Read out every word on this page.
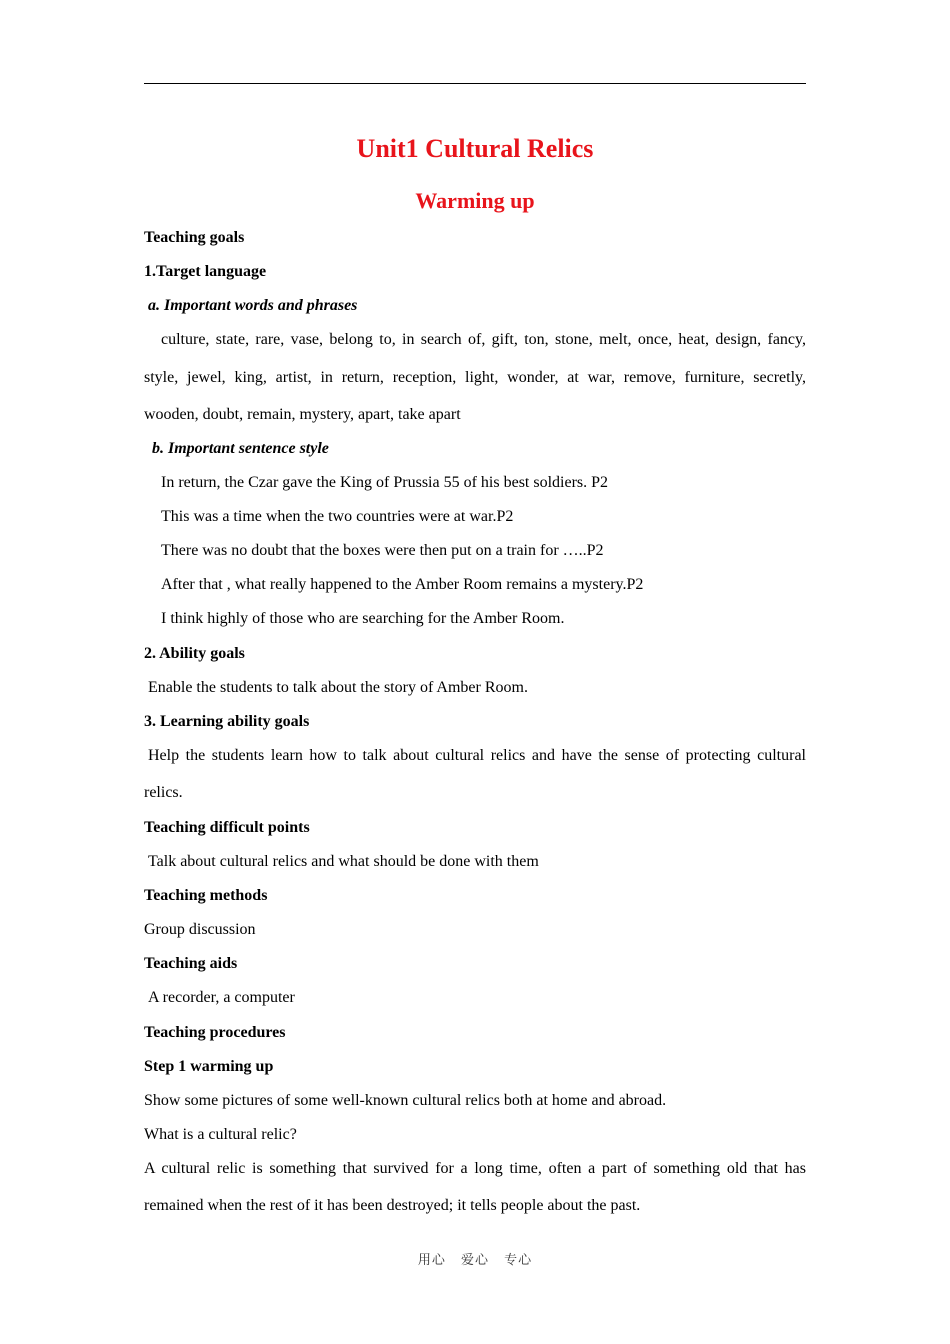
Unit1 Cultural Relics
Warming up
Teaching goals
1.Target language
a. Important words and phrases
culture, state, rare, vase, belong to, in search of, gift, ton, stone, melt, once, heat, design, fancy,
style, jewel, king, artist, in return, reception, light, wonder, at war, remove, furniture, secretly,
wooden, doubt, remain, mystery, apart, take apart
b. Important sentence style
In return, the Czar gave the King of Prussia 55 of his best soldiers. P2
This was a time when the two countries were at war.P2
There was no doubt that the boxes were then put on a train for …..P2
After that , what really happened to the Amber Room remains a mystery.P2
I think highly of those who are searching for the Amber Room.
2. Ability goals
Enable the students to talk about the story of Amber Room.
3. Learning ability goals
Help the students learn how to talk about cultural relics and have the sense of protecting cultural
relics.
Teaching difficult points
Talk about cultural relics and what should be done with them
Teaching methods
Group discussion
Teaching aids
A recorder, a computer
Teaching procedures
Step 1 warming up
Show some pictures of some well-known cultural relics both at home and abroad.
What is a cultural relic?
A cultural relic is something that survived for a long time, often a part of something old that has
remained when the rest of it has been destroyed; it tells people about the past.
用心 爱心 专心
